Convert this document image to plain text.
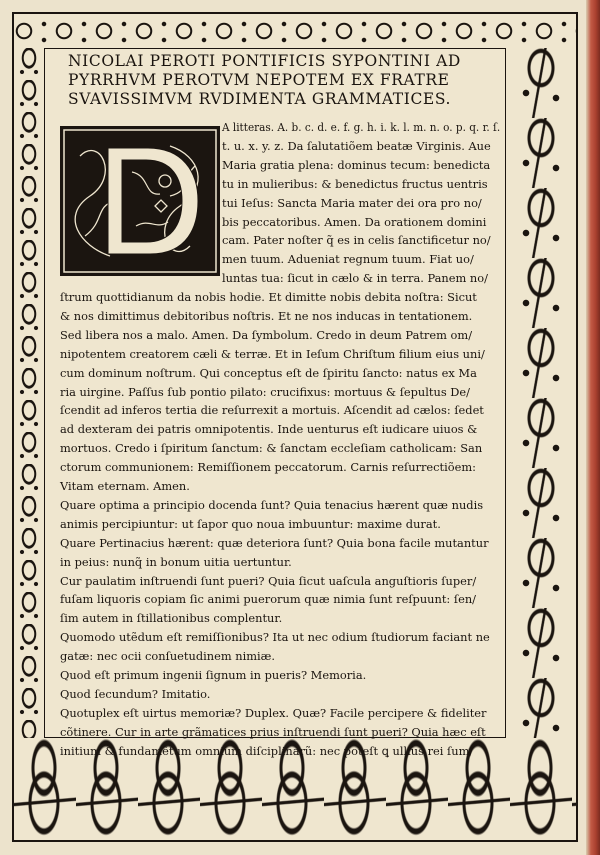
NICOLAI PEROTI PONTIFICIS SYPONTINI AD
PYRRHVM PEROTVM NEPOTEM EX FRATRE
SVAVISSIMVM RVDIMENTA GRAMMATICES.
A litteras. A. b. c. d. e. f. g. h. i. k. l. m. n. o. p. q. r. ſ.
t. u. x. y. z. Da ſalutatiõem beatæ Virginis. Aue
Maria gratia plena: dominus tecum: benedicta
tu in mulieribus: & benedictus fructus uentris
tui Ieſus: Sancta Maria mater dei ora pro no/
bis peccatoribus. Amen. Da orationem domini
cam. Pater noſter q̃ es in celis ſanctificetur no/
men tuum. Adueniat regnum tuum. Fiat uo/
luntas tua: ſicut in cælo & in terra. Panem no/
ſtrum quottidianum da nobis hodie. Et dimitte nobis debita noſtra: Sicut
& nos dimittimus debitoribus noſtris. Et ne nos inducas in tentationem.
Sed libera nos a malo. Amen. Da ſymbolum. Credo in deum Patrem om/
nipotentem creatorem cæli & terræ. Et in Ieſum Chriſtum filium eius uni/
cum dominum noſtrum. Qui conceptus eſt de ſpiritu ſancto: natus ex Ma
ria uirgine. Paſſus ſub pontio pilato: crucifixus: mortuus & ſepultus De/
ſcendit ad inferos tertia die reſurrexit a mortuis. Aſcendit ad cælos: ſedet
ad dexteram dei patris omnipotentis. Inde uenturus eſt iudicare uiuos &
mortuos. Credo i ſpiritum ſanctum: & ſanctam eccleſiam catholicam: San
ctorum communionem: Remiſſionem peccatorum. Carnis reſurrectiõem:
Vitam eternam. Amen.
Quare optima a principio docenda ſunt? Quia tenacius hærent quæ nudis
animis percipiuntur: ut ſapor quo noua imbuuntur: maxime durat.
Quare Pertinacius hærent: quæ deteriora ſunt? Quia bona facile mutantur
in peius: nunq̃ in bonum uitia uertuntur.
Cur paulatim inſtruendi ſunt pueri? Quia ſicut uaſcula anguſtioris ſuper/
fuſam liquoris copiam ſic animi puerorum quæ nimia ſunt reſpuunt: ſen/
ſim autem in ſtillationibus complentur.
Quomodo utẽdum eſt remiſſionibus? Ita ut nec odium ſtudiorum faciant ne
gatæ: nec ocii conſuetudinem nimiæ.
Quod eſt primum ingenii ſignum in pueris? Memoria.
Quod ſecundum? Imitatio.
Quotuplex eſt uirtus memoriæ? Duplex. Quæ? Facile percipere & fideliter
cõtinere. Cur in arte grãmatices prius inſtruendi ſunt pueri? Quia hæc eſt
initium & fundamẽtum omnium diſciplinarũ: nec poteſt ꝗ ullius rei ſum/
